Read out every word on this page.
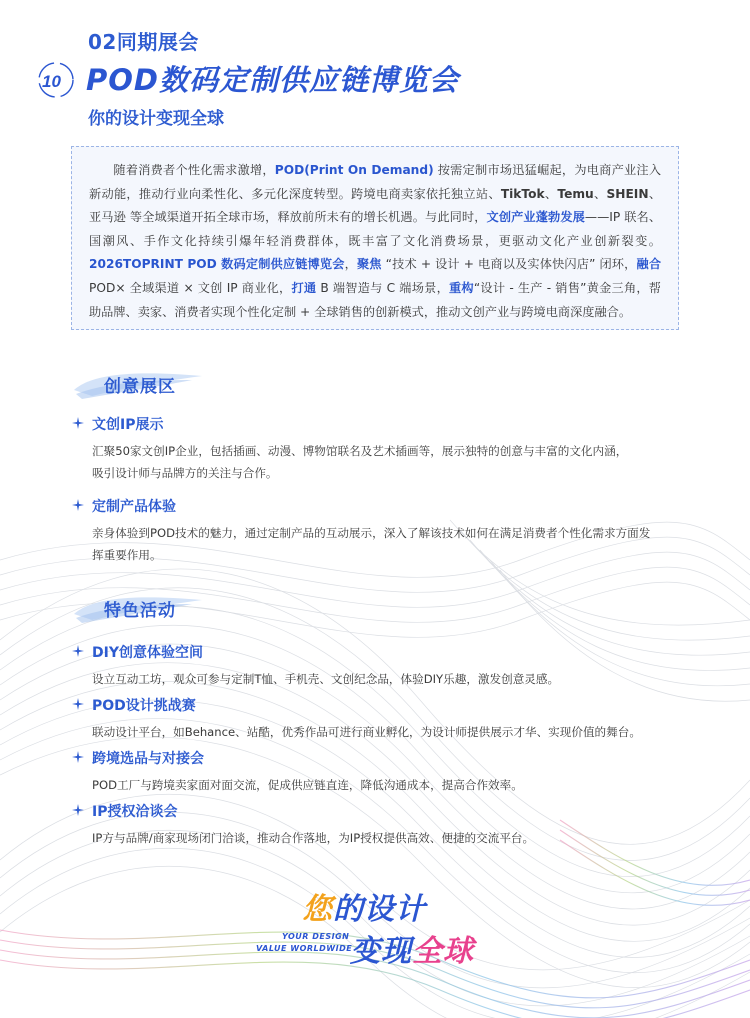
10
02同期展会
POD数码定制供应链博览会
你的设计变现全球

随着消费者个性化需求激增，POD(Print On Demand) 按需定制市场迅猛崛起，为电商产业注入新动能，推动行业向柔性化、多元化深度转型。跨境电商卖家依托独立站、TikTok、Temu、SHEIN、亚马逊 等全域渠道开拓全球市场，释放前所未有的增长机遇。与此同时，文创产业蓬勃发展——IP 联名、国潮风、手作文化持续引爆年轻消费群体，既丰富了文化消费场景，更驱动文化产业创新裂变。2026TOPRINT POD 数码定制供应链博览会，聚焦 “技术 + 设计 + 电商以及实体快闪店” 闭环，融合 POD× 全域渠道 × 文创 IP 商业化，打通 B 端智造与 C 端场景，重构“设计 - 生产 - 销售”黄金三角，帮助品牌、卖家、消费者实现个性化定制 + 全球销售的创新模式，推动文创产业与跨境电商深度融合。

创意展区
文创IP展示
汇聚50家文创IP企业，包括插画、动漫、博物馆联名及艺术插画等，展示独特的创意与丰富的文化内涵，
吸引设计师与品牌方的关注与合作。
定制产品体验
亲身体验到POD技术的魅力，通过定制产品的互动展示，深入了解该技术如何在满足消费者个性化需求方面发
挥重要作用。
特色活动
DIY创意体验空间
设立互动工坊，观众可参与定制T恤、手机壳、文创纪念品，体验DIY乐趣，激发创意灵感。
POD设计挑战赛
联动设计平台，如Behance、站酷，优秀作品可进行商业孵化，为设计师提供展示才华、实现价值的舞台。
跨境选品与对接会
POD工厂与跨境卖家面对面交流，促成供应链直连，降低沟通成本，提高合作效率。
IP授权洽谈会
IP方与品牌/商家现场闭门洽谈，推动合作落地，为IP授权提供高效、便捷的交流平台。
您的设计
YOUR DESIGN
VALUE WORLDWIDE
变现全球
